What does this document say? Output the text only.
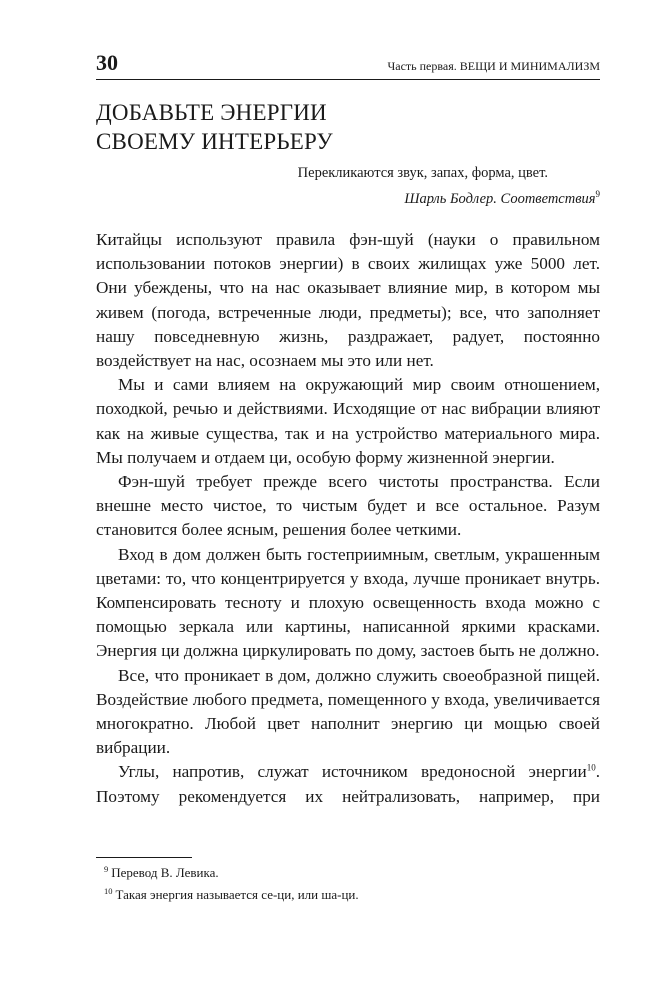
30	Часть первая. ВЕЩИ И МИНИМАЛИЗМ
ДОБАВЬТЕ ЭНЕРГИИ
СВОЕМУ ИНТЕРЬЕРУ
Перекликаются звук, запах, форма, цвет.
Шарль Бодлер. Соответствия$^9$

Китайцы используют правила фэн-шуй (науки о правильном использовании потоков энергии) в своих жилищах уже 5000 лет. Они убеждены, что на нас оказывает влияние мир, в котором мы живем (погода, встреченные люди, предметы); все, что заполняет нашу повседневную жизнь, раздражает, радует, постоянно воздействует на нас, осознаем мы это или нет.

Мы и сами влияем на окружающий мир своим отношением, походкой, речью и действиями. Исходящие от нас вибрации влияют как на живые существа, так и на устройство материального мира. Мы получаем и отдаем ци, особую форму жизненной энергии.

Фэн-шуй требует прежде всего чистоты пространства. Если внешне место чистое, то чистым будет и все остальное. Разум становится более ясным, решения более четкими.

Вход в дом должен быть гостеприимным, светлым, украшенным цветами: то, что концентрируется у входа, лучше проникает внутрь. Компенсировать тесноту и плохую освещенность входа можно с помощью зеркала или картины, написанной яркими красками. Энергия ци должна циркулировать по дому, застоев быть не должно.

Все, что проникает в дом, должно служить своеобразной пищей. Воздействие любого предмета, помещенного у входа, увеличивается многократно. Любой цвет наполнит энергию ци мощью своей вибрации.

Углы, напротив, служат источником вредоносной энергии$^{10}$. Поэтому рекомендуется их нейтрализовать, например, при

$^9$ Перевод В. Левика.
$^{10}$ Такая энергия называется се-ци, или ша-ци.
